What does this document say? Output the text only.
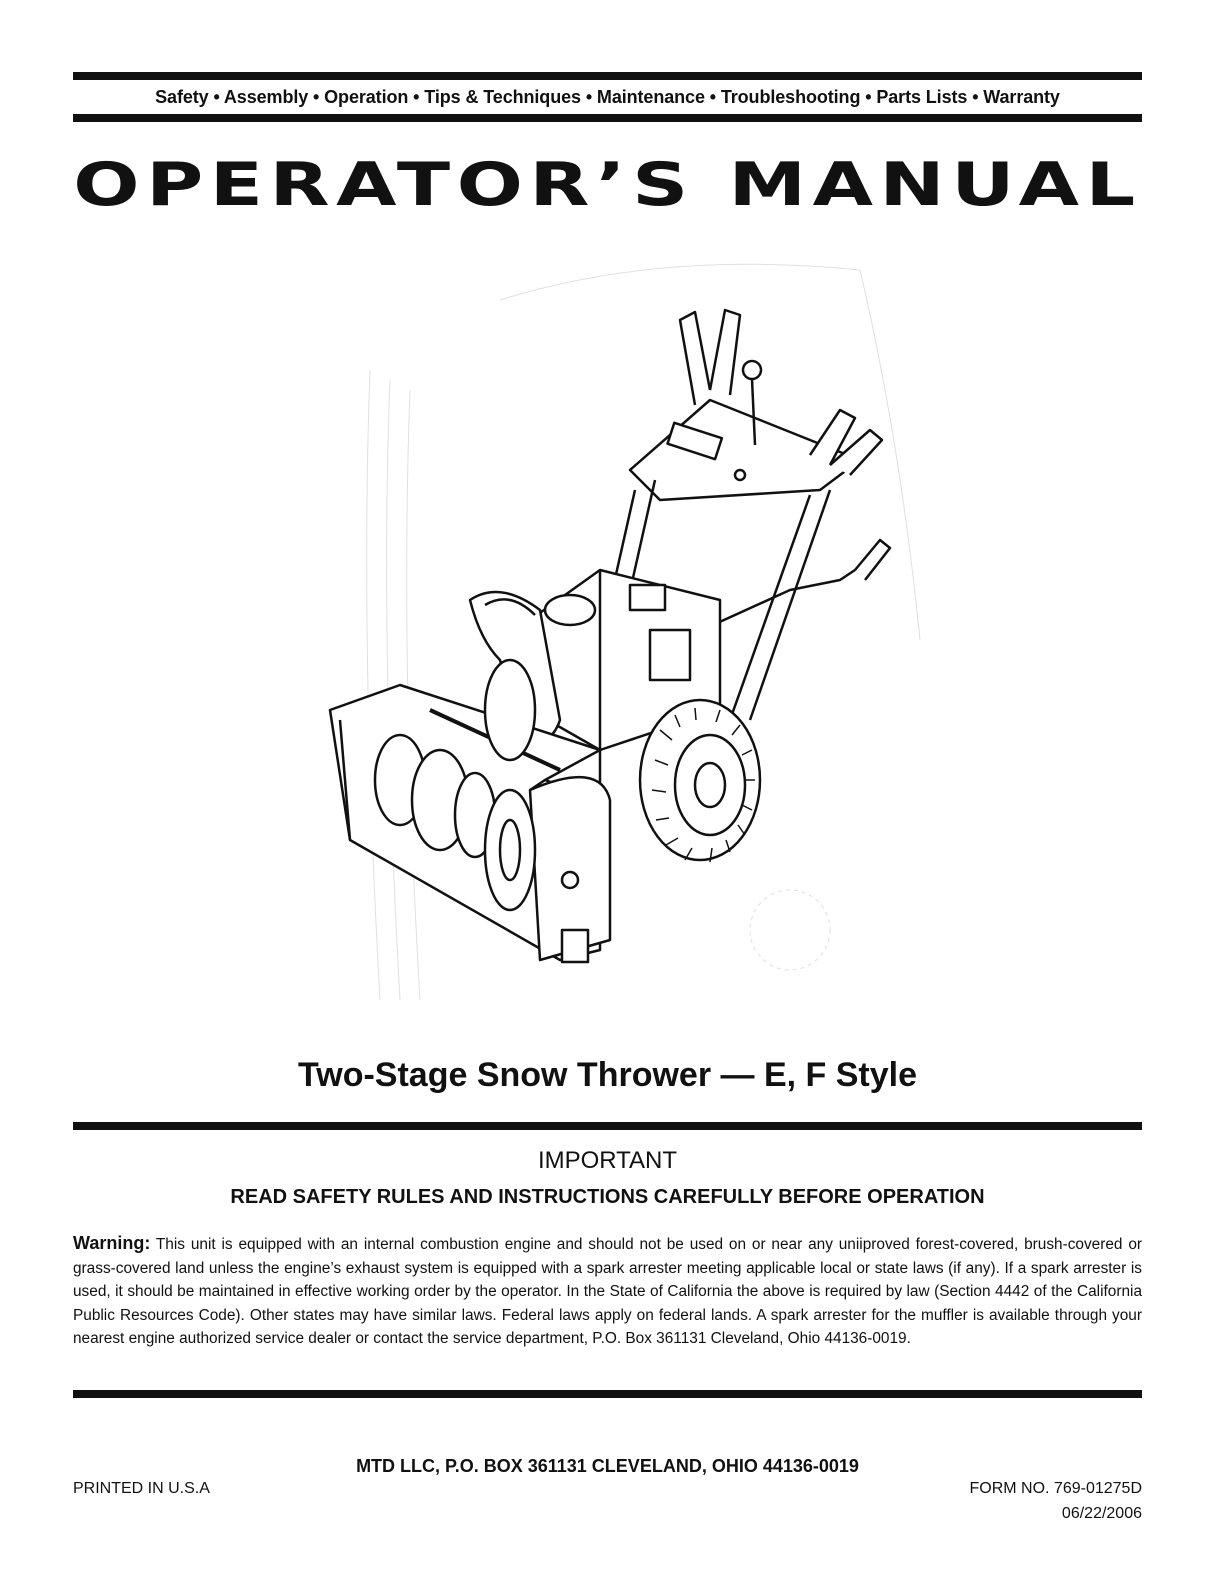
Safety • Assembly • Operation • Tips & Techniques • Maintenance • Troubleshooting • Parts Lists • Warranty
OPERATOR’S MANUAL
Two-Stage Snow Thrower — E, F Style
IMPORTANT
READ SAFETY RULES AND INSTRUCTIONS CAREFULLY BEFORE OPERATION
Warning: This unit is equipped with an internal combustion engine and should not be used on or near any uniiproved forest-covered, brush-covered or grass-covered land unless the engine’s exhaust system is equipped with a spark arrester meeting applicable local or state laws (if any). If a spark arrester is used, it should be maintained in effective working order by the operator. In the State of California the above is required by law (Section 4442 of the California Public Resources Code). Other states may have similar laws. Federal laws apply on federal lands. A spark arrester for the muffler is available through your nearest engine authorized service dealer or contact the service department, P.O. Box 361131 Cleveland, Ohio 44136-0019.
MTD LLC, P.O. BOX 361131 CLEVELAND, OHIO 44136-0019
PRINTED IN U.S.A	FORM NO. 769-01275D
06/22/2006
